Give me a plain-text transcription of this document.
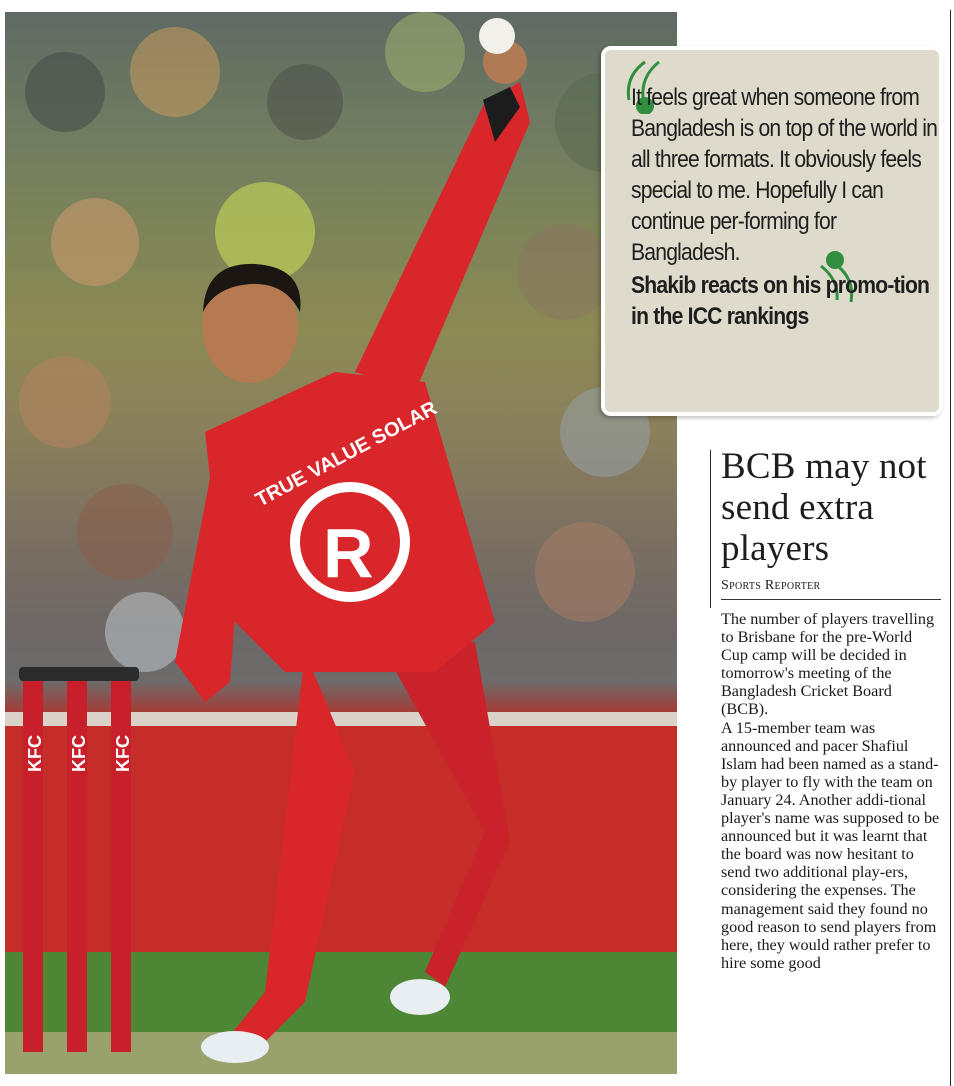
R
TRUE VALUE SOLAR
KFC KFC KFC

It feels great when someone from Bangladesh is on top of the world in all three formats. It obviously feels special to me. Hopefully I can continue per-forming for Bangladesh.
Shakib reacts on his promo-tion in the ICC rankings

BCB may not send extra players
Sports Reporter
The number of players travelling to Brisbane for the pre-World Cup camp will be decided in tomorrow's meeting of the Bangladesh Cricket Board (BCB).
A 15-member team was announced and pacer Shafiul Islam had been named as a stand-by player to fly with the team on January 24. Another addi-tional player's name was supposed to be announced but it was learnt that the board was now hesitant to send two additional play-ers, considering the expenses. The management said they found no good reason to send players from here, they would rather prefer to hire some good
